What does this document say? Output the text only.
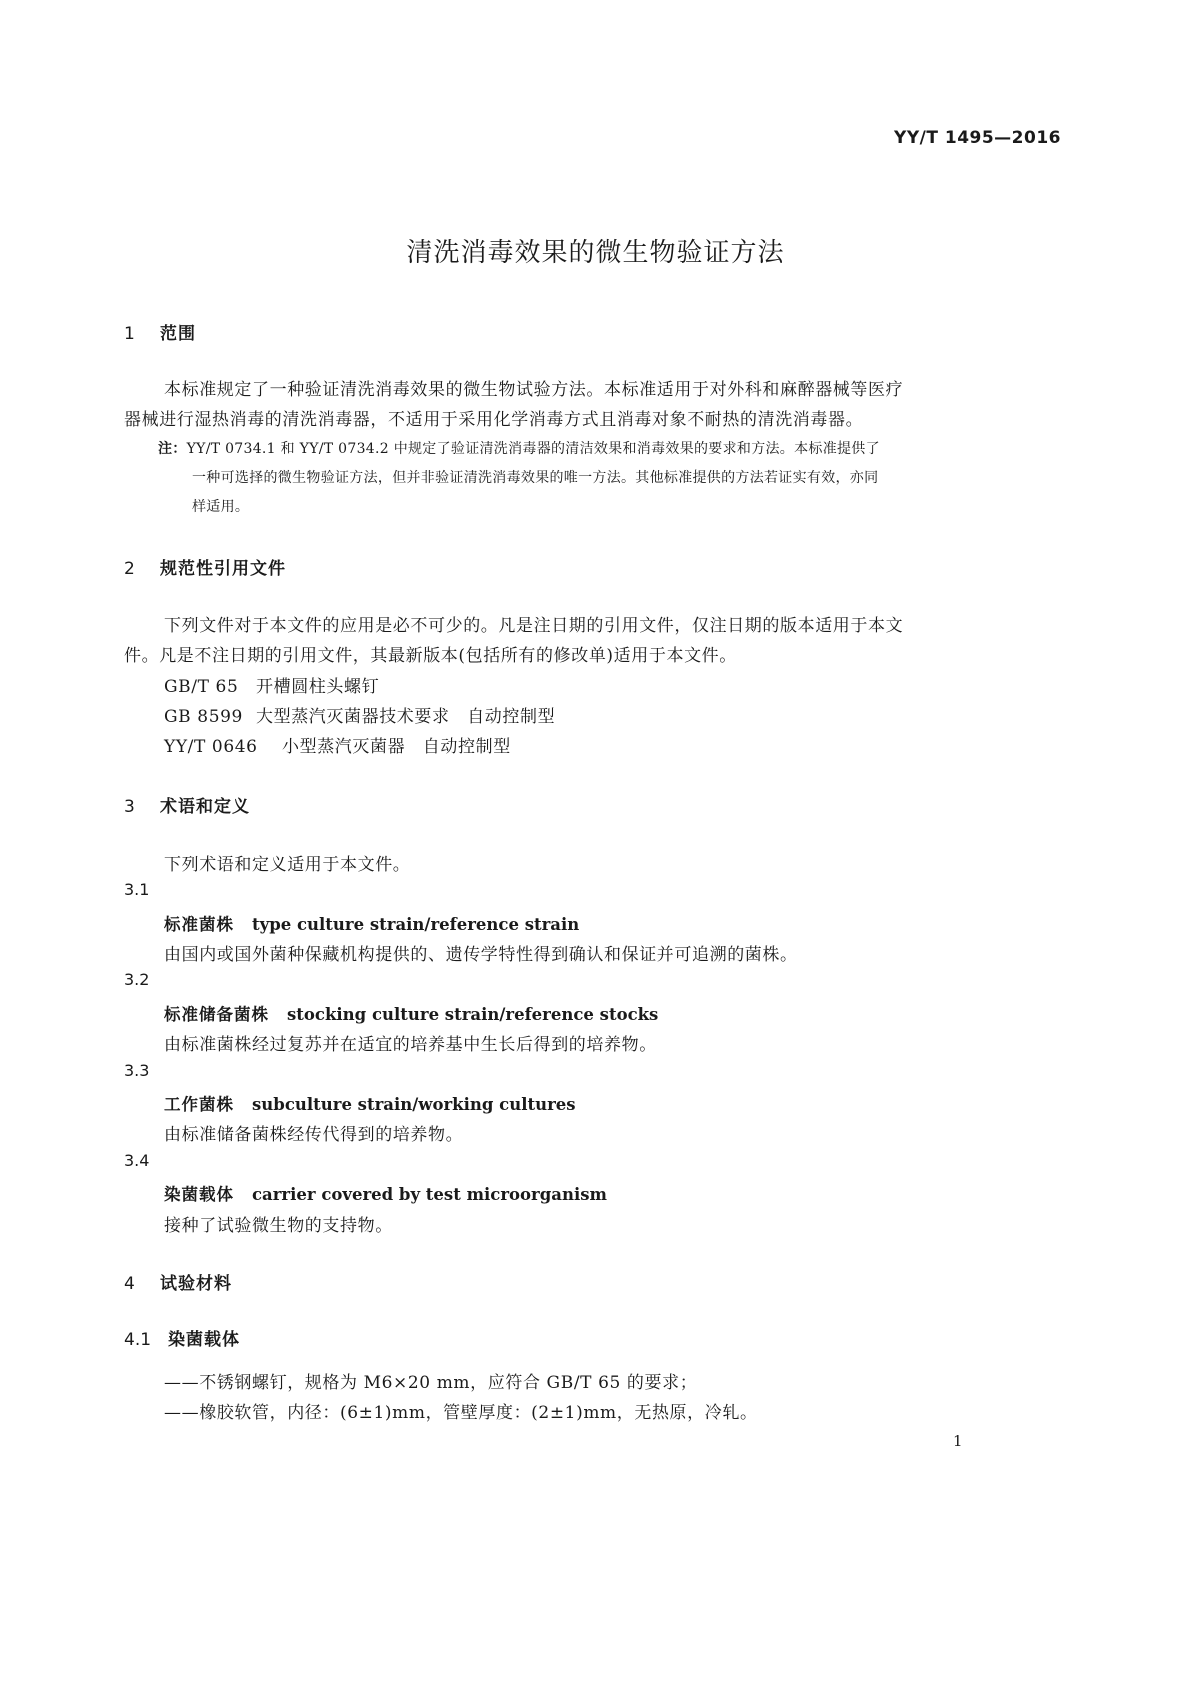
YY/T 1495—2016
清洗消毒效果的微生物验证方法
1 范围
本标准规定了一种验证清洗消毒效果的微生物试验方法。本标准适用于对外科和麻醉器械等医疗
器械进行湿热消毒的清洗消毒器，不适用于采用化学消毒方式且消毒对象不耐热的清洗消毒器。
注：YY/T 0734.1 和 YY/T 0734.2 中规定了验证清洗消毒器的清洁效果和消毒效果的要求和方法。本标准提供了
一种可选择的微生物验证方法，但并非验证清洗消毒效果的唯一方法。其他标准提供的方法若证实有效，亦同
样适用。
2 规范性引用文件
下列文件对于本文件的应用是必不可少的。凡是注日期的引用文件，仅注日期的版本适用于本文
件。凡是不注日期的引用文件，其最新版本(包括所有的修改单)适用于本文件。
GB/T 65 开槽圆柱头螺钉
GB 8599 大型蒸汽灭菌器技术要求　自动控制型
YY/T 0646 小型蒸汽灭菌器　自动控制型
3 术语和定义
下列术语和定义适用于本文件。
3.1
标准菌株 type culture strain/reference strain
由国内或国外菌种保藏机构提供的、遗传学特性得到确认和保证并可追溯的菌株。
3.2
标准储备菌株 stocking culture strain/reference stocks
由标准菌株经过复苏并在适宜的培养基中生长后得到的培养物。
3.3
工作菌株 subculture strain/working cultures
由标准储备菌株经传代得到的培养物。
3.4
染菌载体 carrier covered by test microorganism
接种了试验微生物的支持物。
4 试验材料
4.1 染菌载体
——不锈钢螺钉，规格为 M6×20 mm，应符合 GB/T 65 的要求；
——橡胶软管，内径：(6±1)mm，管壁厚度：(2±1)mm，无热原，冷轧。
1
